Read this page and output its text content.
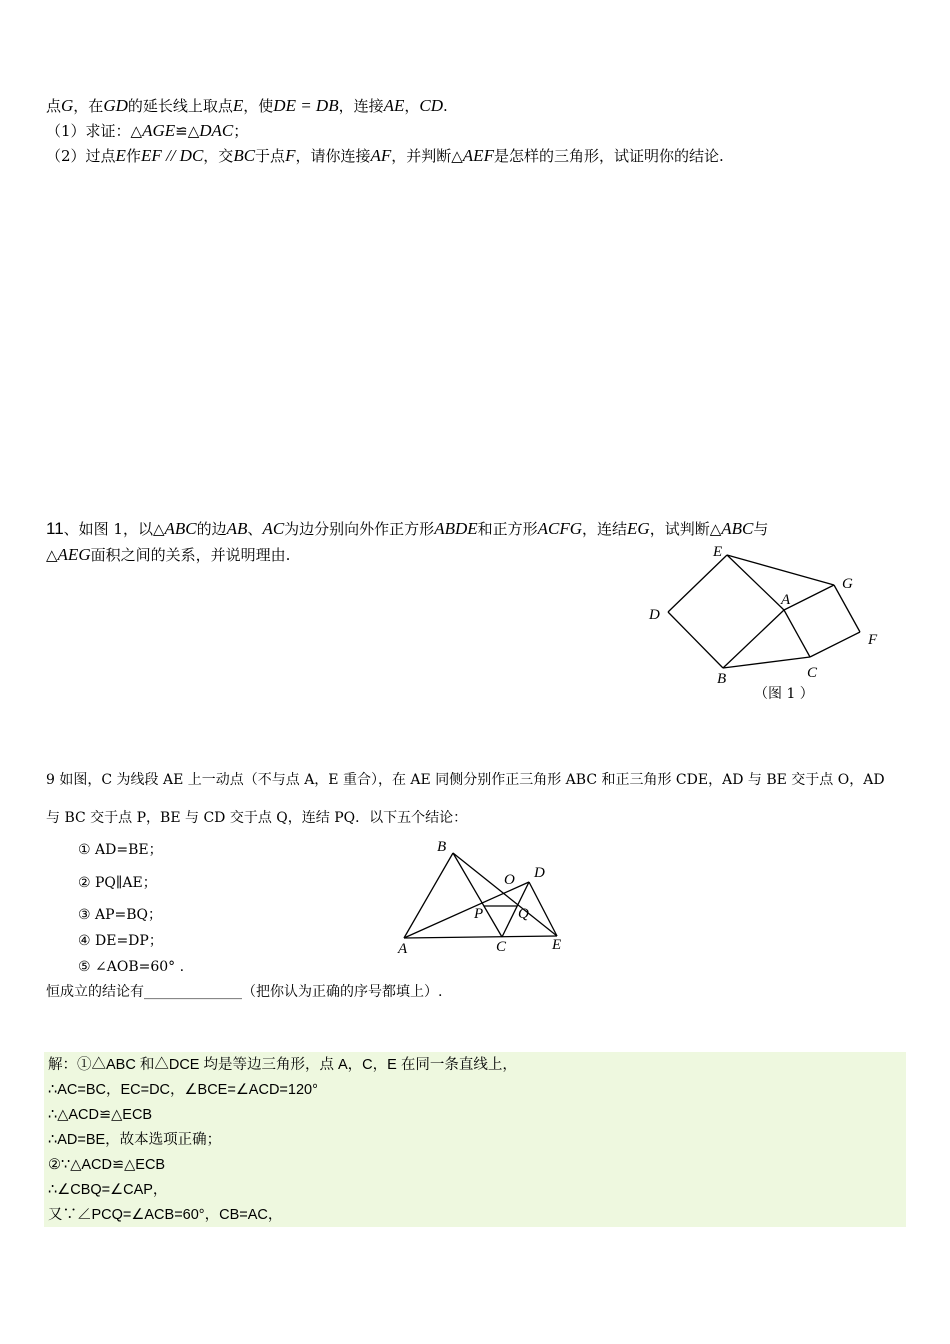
点G，在GD的延长线上取点E，使DE = DB，连接AE，CD.
（1）求证：△AGE≌△DAC；
（2）过点E作EF // DC，交BC于点F，请你连接AF，并判断△AEF是怎样的三角形，试证明你的结论.
11、如图 1，以△ABC的边AB、AC为边分别向外作正方形ABDE和正方形ACFG，连结EG，试判断△ABC与
△AEG面积之间的关系，并说明理由.	E
G
A
D
F
C
B
（图 1 ）
9 如图，C 为线段 AE 上一动点（不与点 A，E 重合），在 AE 同侧分别作正三角形 ABC 和正三角形 CDE，AD 与 BE 交于点 O，AD
与 BC 交于点 P，BE 与 CD 交于点 Q，连结 PQ．以下五个结论：
① AD=BE；
② PQ∥AE；
③ AP=BQ；
④ DE=DP；
⑤ ∠AOB=60° .
恒成立的结论有______________（把你认为正确的序号都填上）.
B
O D
P Q
A	C	E
解：①△ABC 和△DCE 均是等边三角形，点 A，C，E 在同一条直线上，
∴AC=BC，EC=DC，∠BCE=∠ACD=120°
∴△ACD≌△ECB
∴AD=BE，故本选项正确；
②∵△ACD≌△ECB
∴∠CBQ=∠CAP，
又∵∠PCQ=∠ACB=60°，CB=AC，
